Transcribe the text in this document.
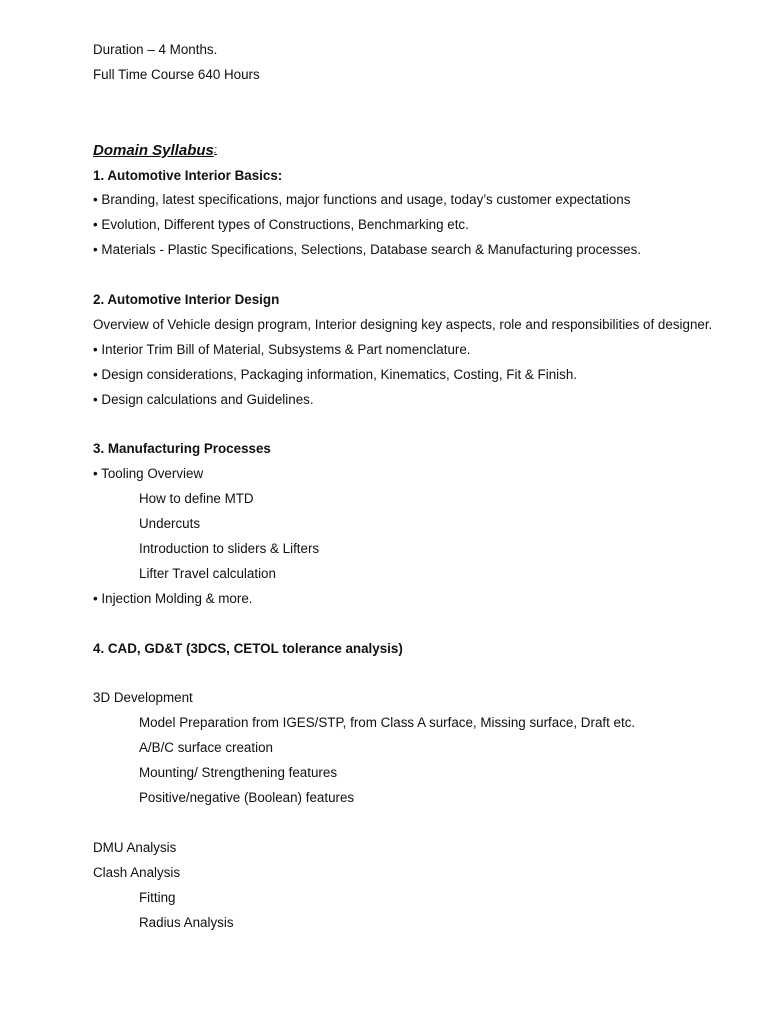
Duration – 4 Months.
Full Time Course 640 Hours
Domain Syllabus:
1. Automotive Interior Basics:
• Branding, latest specifications, major functions and usage, today’s customer expectations
• Evolution, Different types of Constructions, Benchmarking etc.
• Materials - Plastic Specifications, Selections, Database search & Manufacturing processes.
2. Automotive Interior Design
Overview of Vehicle design program, Interior designing key aspects, role and responsibilities of designer.
• Interior Trim Bill of Material, Subsystems & Part nomenclature.
• Design considerations, Packaging information, Kinematics, Costing, Fit & Finish.
• Design calculations and Guidelines.
3. Manufacturing Processes
• Tooling Overview
How to define MTD
Undercuts
Introduction to sliders & Lifters
Lifter Travel calculation
• Injection Molding & more.
4. CAD, GD&T (3DCS, CETOL tolerance analysis)
3D Development
Model Preparation from IGES/STP, from Class A surface, Missing surface, Draft etc.
A/B/C surface creation
Mounting/ Strengthening features
Positive/negative (Boolean) features
DMU Analysis
Clash Analysis
Fitting
Radius Analysis
